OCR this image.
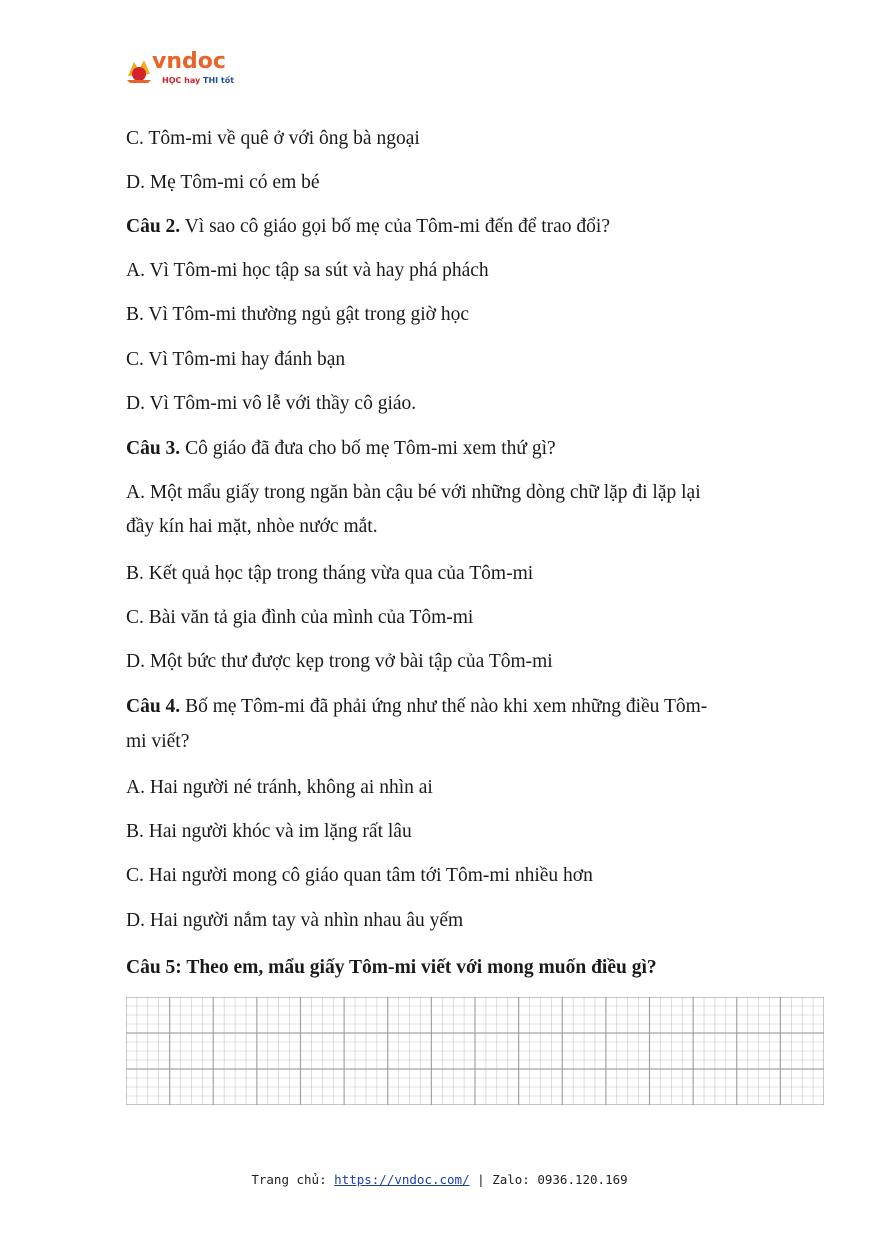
vndoc
HỌC hay THI tốt
C. Tôm-mi về quê ở với ông bà ngoại
D. Mẹ Tôm-mi có em bé
Câu 2. Vì sao cô giáo gọi bố mẹ của Tôm-mi đến để trao đổi?
A. Vì Tôm-mi học tập sa sút và hay phá phách
B. Vì Tôm-mi thường ngủ gật trong giờ học
C. Vì Tôm-mi hay đánh bạn
D. Vì Tôm-mi vô lễ với thầy cô giáo.
Câu 3. Cô giáo đã đưa cho bố mẹ Tôm-mi xem thứ gì?
A. Một mẩu giấy trong ngăn bàn cậu bé với những dòng chữ lặp đi lặp lại
đầy kín hai mặt, nhòe nước mắt.
B. Kết quả học tập trong tháng vừa qua của Tôm-mi
C. Bài văn tả gia đình của mình của Tôm-mi
D. Một bức thư được kẹp trong vở bài tập của Tôm-mi
Câu 4. Bố mẹ Tôm-mi đã phải ứng như thế nào khi xem những điều Tôm-
mi viết?
A. Hai người né tránh, không ai nhìn ai
B. Hai người khóc và im lặng rất lâu
C. Hai người mong cô giáo quan tâm tới Tôm-mi nhiều hơn
D. Hai người nắm tay và nhìn nhau âu yếm
Câu 5: Theo em, mẩu giấy Tôm-mi viết với mong muốn điều gì?
Trang chủ: https://vndoc.com/ | Zalo: 0936.120.169
